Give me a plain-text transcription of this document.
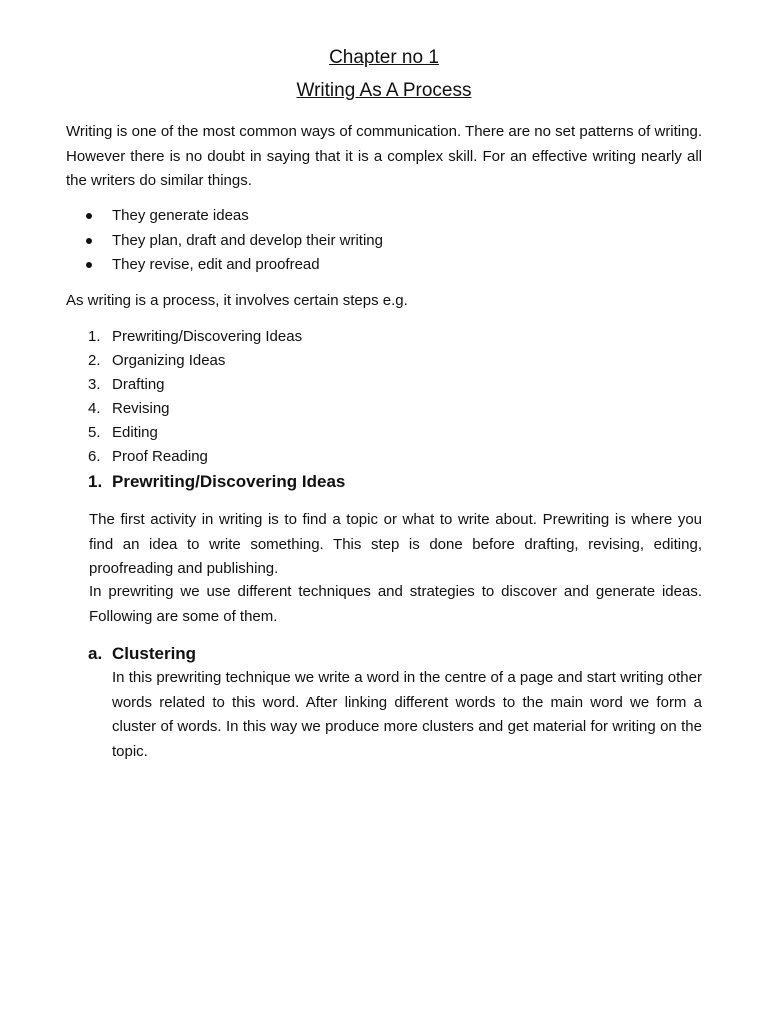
Chapter no 1
Writing As A Process

Writing is one of the most common ways of communication. There are no set patterns of writing. However there is no doubt in saying that it is a complex skill. For an effective writing nearly all the writers do similar things.

They generate ideas
They plan, draft and develop their writing
They revise, edit and proofread

As writing is a process, it involves certain steps e.g.

1. Prewriting/Discovering Ideas
2. Organizing Ideas
3. Drafting
4. Revising
5. Editing
6. Proof Reading
1. Prewriting/Discovering Ideas

The first activity in writing is to find a topic or what to write about. Prewriting is where you find an idea to write something. This step is done before drafting, revising, editing, proofreading and publishing.

In prewriting we use different techniques and strategies to discover and generate ideas. Following are some of them.

a. Clustering

In this prewriting technique we write a word in the centre of a page and start writing other words related to this word. After linking different words to the main word we form a cluster of words. In this way we produce more clusters and get material for writing on the topic.
